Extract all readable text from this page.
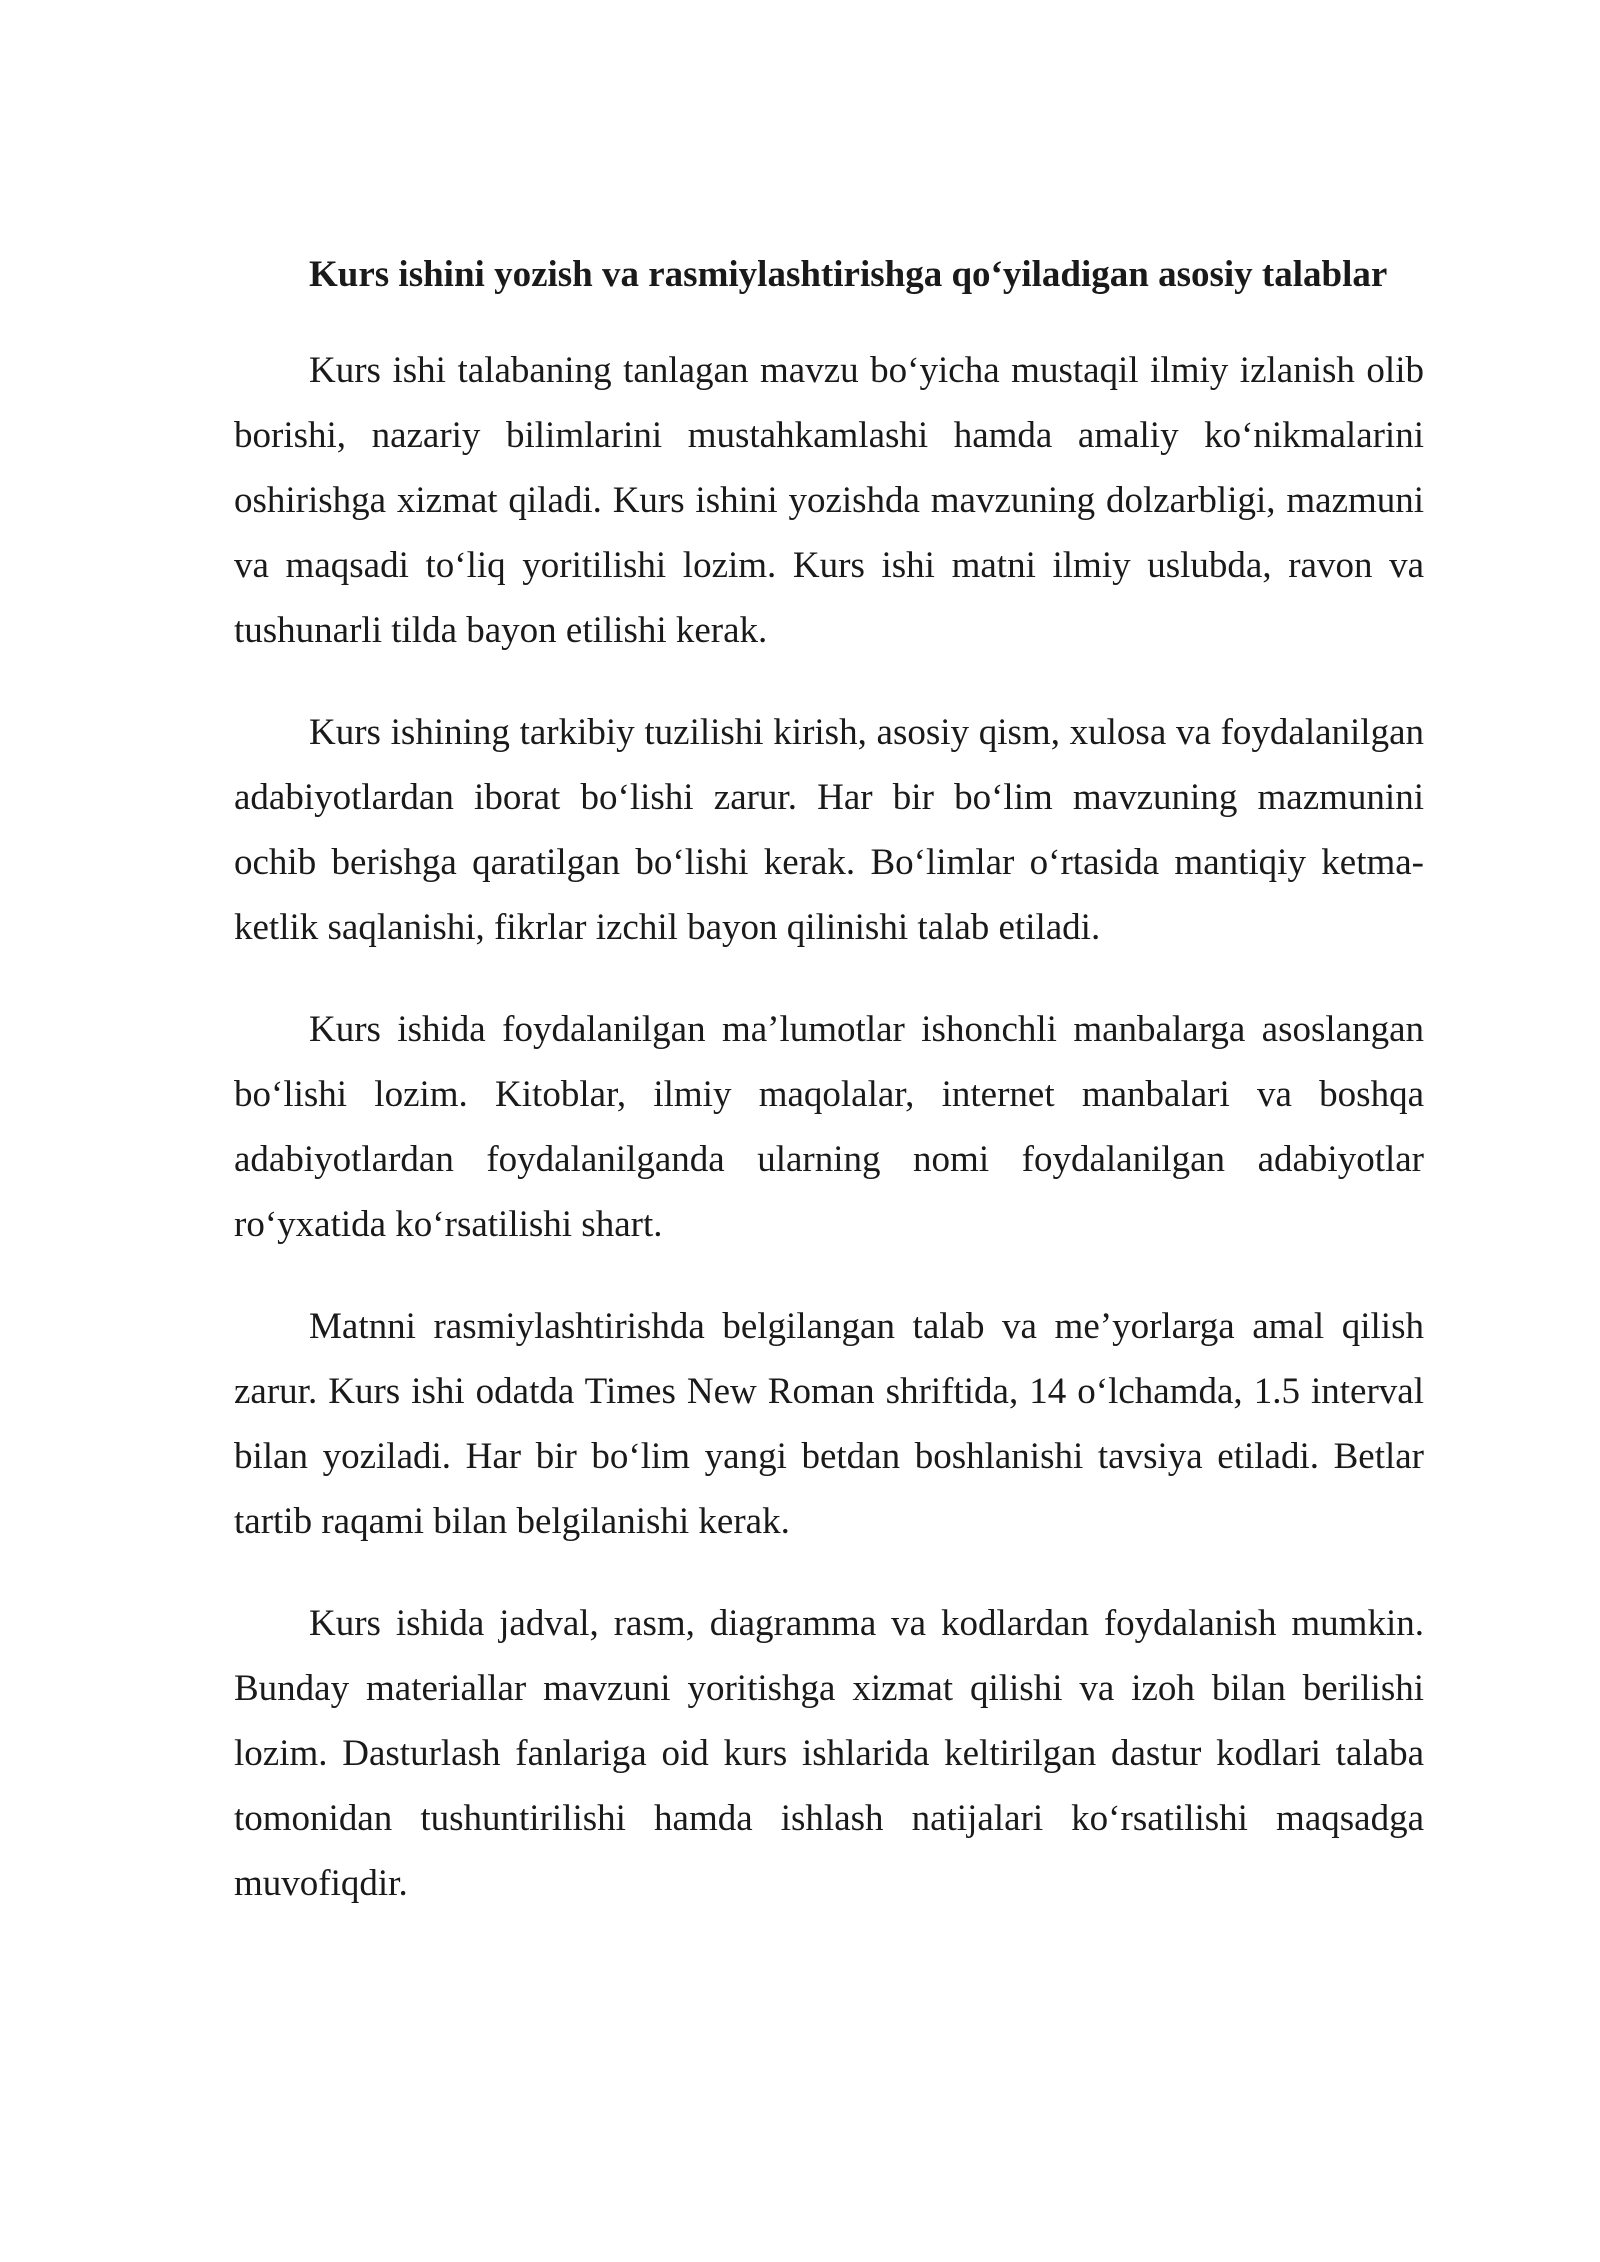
Kurs ishini yozish va rasmiylashtirishga qo‘yiladigan asosiy talablar

Kurs ishi talabaning tanlagan mavzu bo‘yicha mustaqil ilmiy izlanish olib borishi, nazariy bilimlarini mustahkamlashi hamda amaliy ko‘nikmalarini oshirishga xizmat qiladi. Kurs ishini yozishda mavzuning dolzarbligi, mazmuni va maqsadi to‘liq yoritilishi lozim. Kurs ishi matni ilmiy uslubda, ravon va tushunarli tilda bayon etilishi kerak.

Kurs ishining tarkibiy tuzilishi kirish, asosiy qism, xulosa va foydalanilgan adabiyotlardan iborat bo‘lishi zarur. Har bir bo‘lim mavzuning mazmunini ochib berishga qaratilgan bo‘lishi kerak. Bo‘limlar o‘rtasida mantiqiy ketma-ketlik saqlanishi, fikrlar izchil bayon qilinishi talab etiladi.

Kurs ishida foydalanilgan ma’lumotlar ishonchli manbalarga asoslangan bo‘lishi lozim. Kitoblar, ilmiy maqolalar, internet manbalari va boshqa adabiyotlardan foydalanilganda ularning nomi foydalanilgan adabiyotlar ro‘yxatida ko‘rsatilishi shart.

Matnni rasmiylashtirishda belgilangan talab va me’yorlarga amal qilish zarur. Kurs ishi odatda Times New Roman shriftida, 14 o‘lchamda, 1.5 interval bilan yoziladi. Har bir bo‘lim yangi betdan boshlanishi tavsiya etiladi. Betlar tartib raqami bilan belgilanishi kerak.

Kurs ishida jadval, rasm, diagramma va kodlardan foydalanish mumkin. Bunday materiallar mavzuni yoritishga xizmat qilishi va izoh bilan berilishi lozim. Dasturlash fanlariga oid kurs ishlarida keltirilgan dastur kodlari talaba tomonidan tushuntirilishi hamda ishlash natijalari ko‘rsatilishi maqsadga muvofiqdir.
